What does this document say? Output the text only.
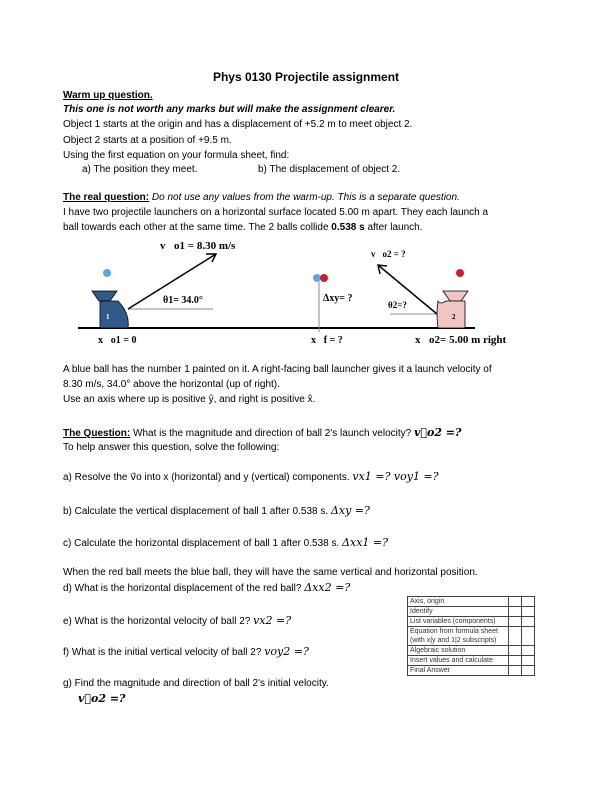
Phys 0130 Projectile assignment
Warm up question.
This one is not worth any marks but will make the assignment clearer.
Object 1 starts at the origin and has a displacement of +5.2 m to meet object 2.
Object 2 starts at a position of +9.5 m.
Using the first equation on your formula sheet, find:
a) The position they meet.	b) The displacement of object 2.
The real question: Do not use any values from the warm-up. This is a separate question.
I have two projectile launchers on a horizontal surface located 5.00 m apart. They each launch a
ball towards each other at the same time. The 2 balls collide 0.538 s after launch.
1	2
v⃗o1 = 8.30 m/s
θ1= 34.0°
x⃗o1 = 0
Δxy= ?
x⃗f = ?
v⃗o2 = ?
θ2=?
x⃗o2= 5.00 m right
A blue ball has the number 1 painted on it. A right-facing ball launcher gives it a launch velocity of
8.30 m/s, 34.0° above the horizontal (up of right).
Use an axis where up is positive ŷ, and right is positive x̂.
The Question: What is the magnitude and direction of ball 2's launch velocity? v⃗o2 =?
To help answer this question, solve the following:
a) Resolve the v⃗o into x (horizontal) and y (vertical) components. vx1 =? voy1 =?
b) Calculate the vertical displacement of ball 1 after 0.538 s. Δxy =?
c) Calculate the horizontal displacement of ball 1 after 0.538 s. Δxx1 =?
When the red ball meets the blue ball, they will have the same vertical and horizontal position.
d) What is the horizontal displacement of the red ball? Δxx2 =?
e) What is the horizontal velocity of ball 2? vx2 =?
f) What is the initial vertical velocity of ball 2? voy2 =?
g) Find the magnitude and direction of ball 2's initial velocity.
v⃗o2 =?
Axis, origin		
Identify		
List variables (components)		
Equation from formula sheet (with x|y and 1|2 subscripts)		
Algebraic solution		
Insert values and calculate		
Final Answer		
